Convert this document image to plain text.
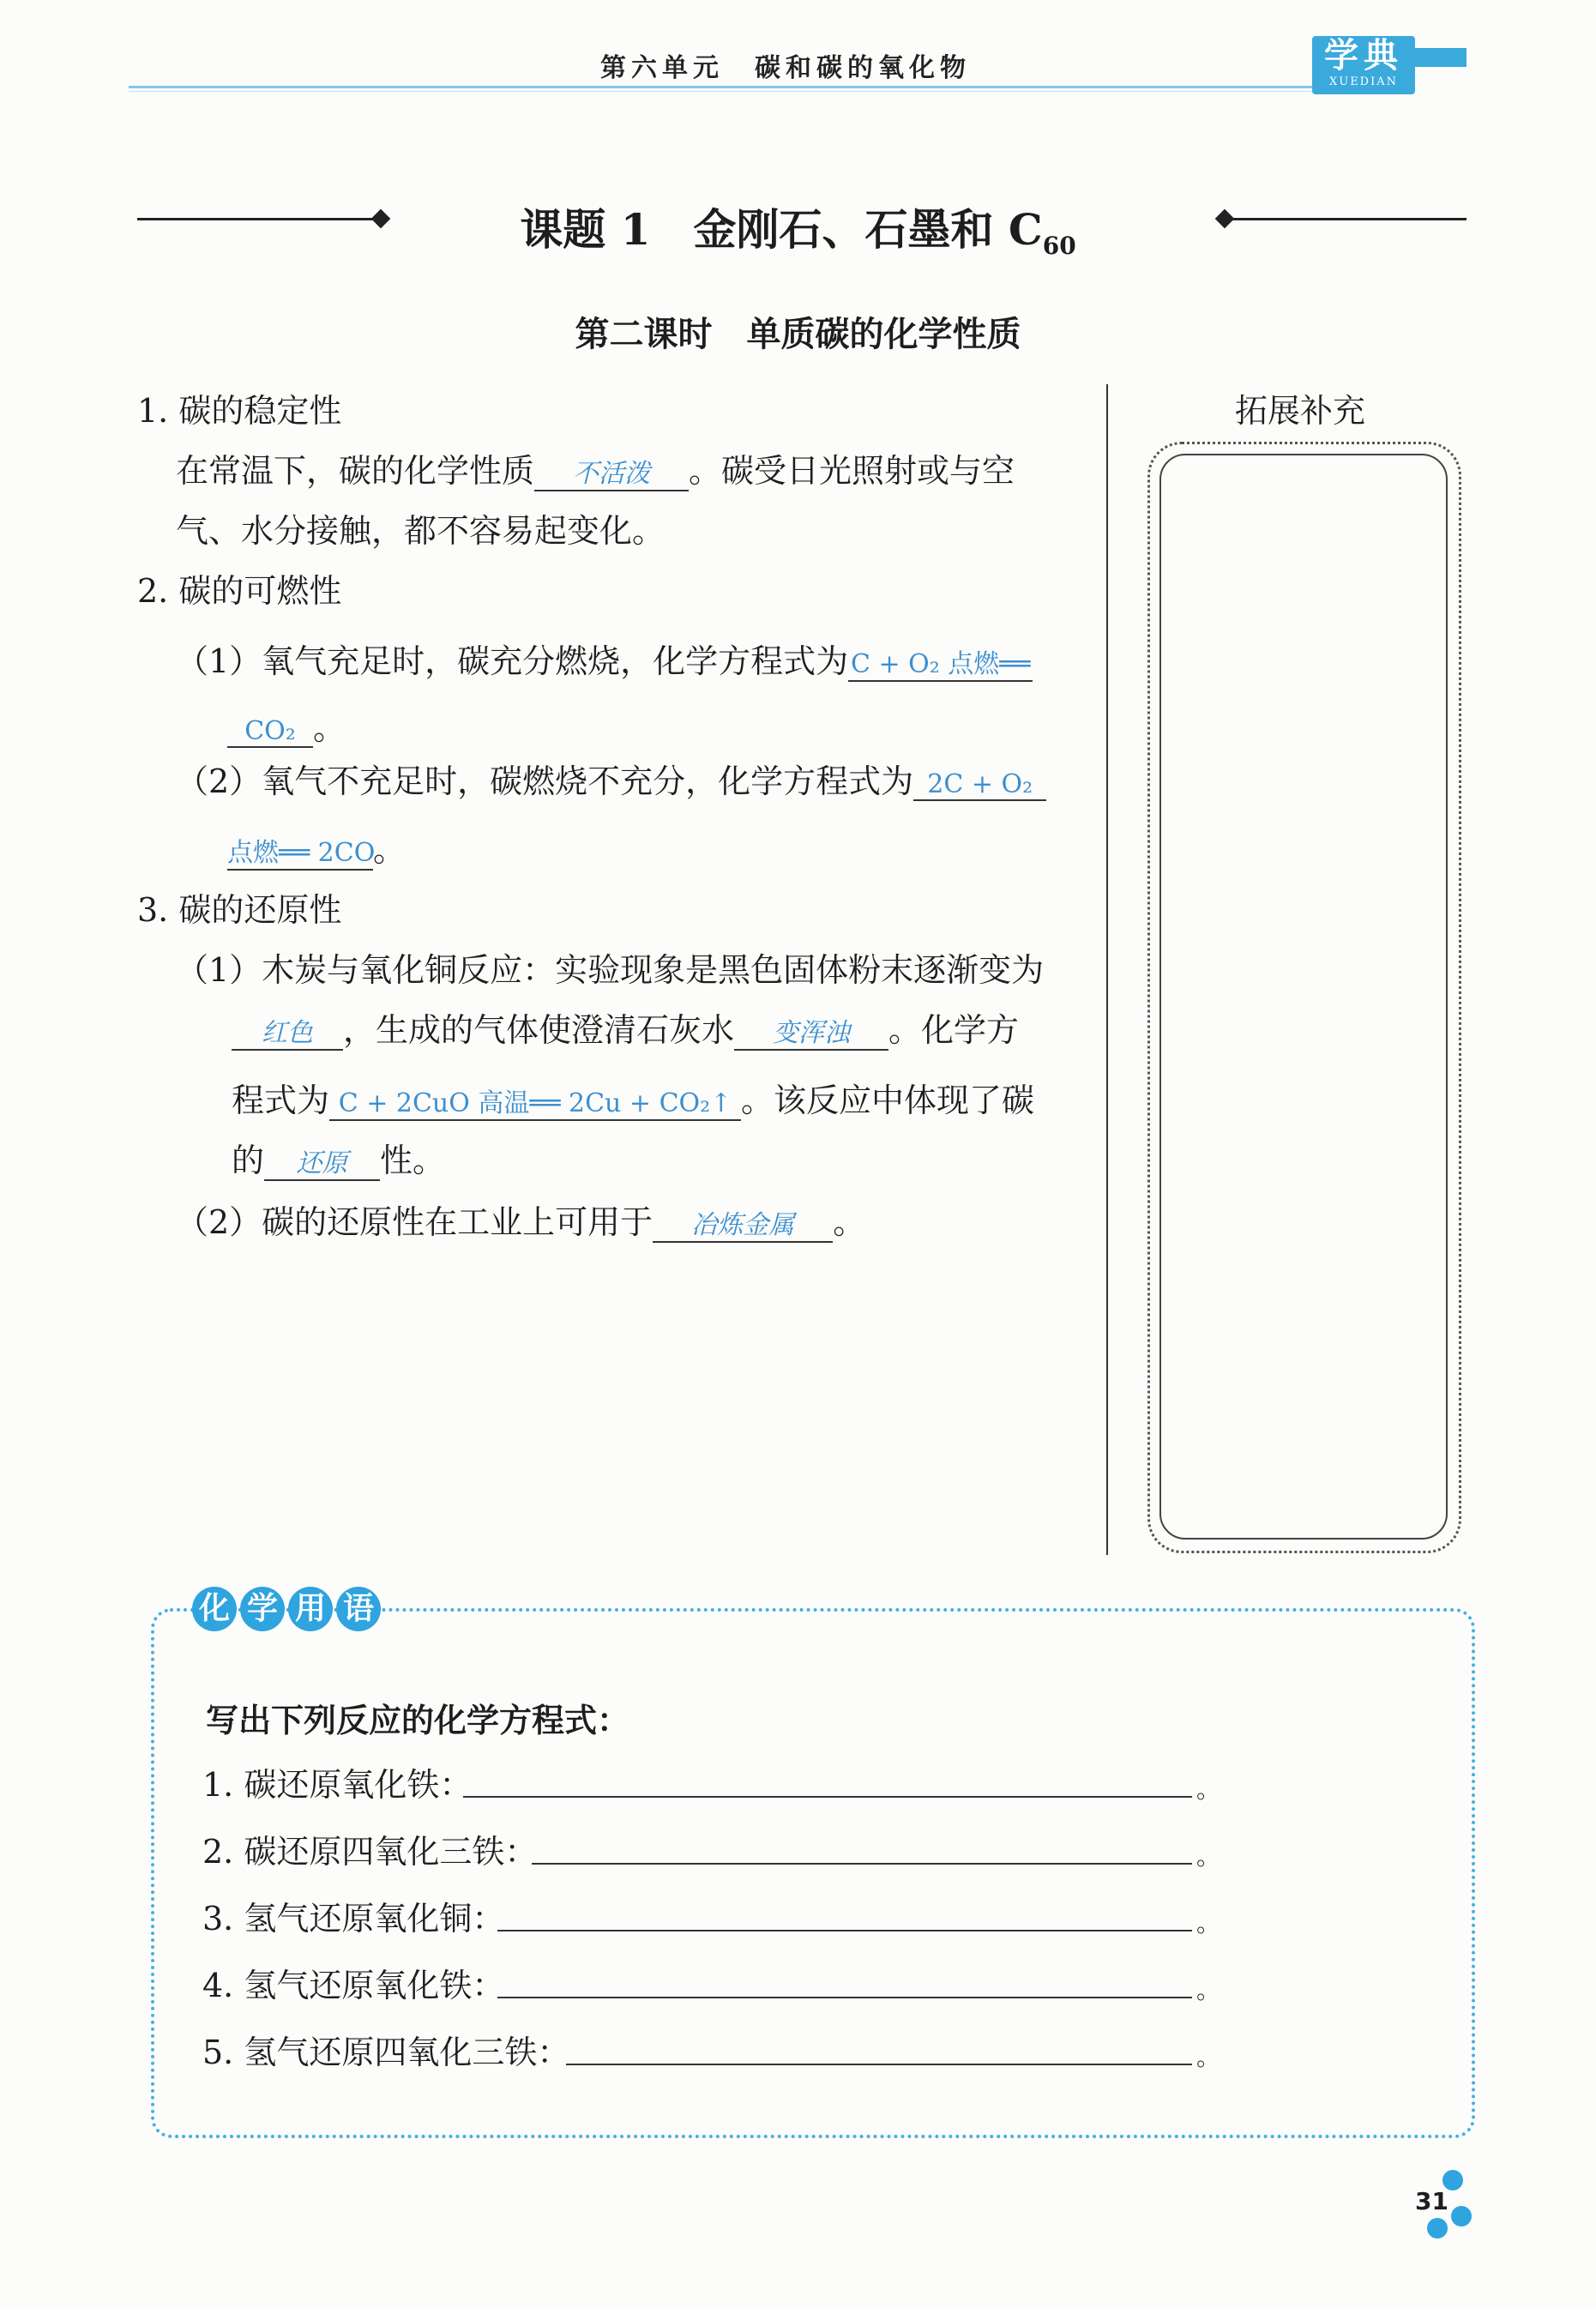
第六单元　碳和碳的氧化物	学典
XUEDIAN
课题 1　金刚石、石墨和 $C_{60}$
第二课时　单质碳的化学性质
1. 碳的稳定性
在常温下，碳的化学性质 不活泼 。碳受日光照射或与空
气、水分接触，都不容易起变化。
2. 碳的可燃性
（1）氧气充足时，碳充分燃烧，化学方程式为C + O₂ 点燃══
CO₂ 。
（2）氧气不充足时，碳燃烧不充分，化学方程式为 2C + O₂
点燃══ 2CO。
3. 碳的还原性
（1）木炭与氧化铜反应：实验现象是黑色固体粉末逐渐变为
红色 ，生成的气体使澄清石灰水 变浑浊 。化学方
程式为 C + 2CuO 高温══ 2Cu + CO₂↑ 。该反应中体现了碳
的 还原 性。
（2）碳的还原性在工业上可用于 冶炼金属 。
拓展补充
化 学 用 语
写出下列反应的化学方程式：
1. 碳还原氧化铁：	。
2. 碳还原四氧化三铁：	。
3. 氢气还原氧化铜：	。
4. 氢气还原氧化铁：	。
5. 氢气还原四氧化三铁：	。
31
